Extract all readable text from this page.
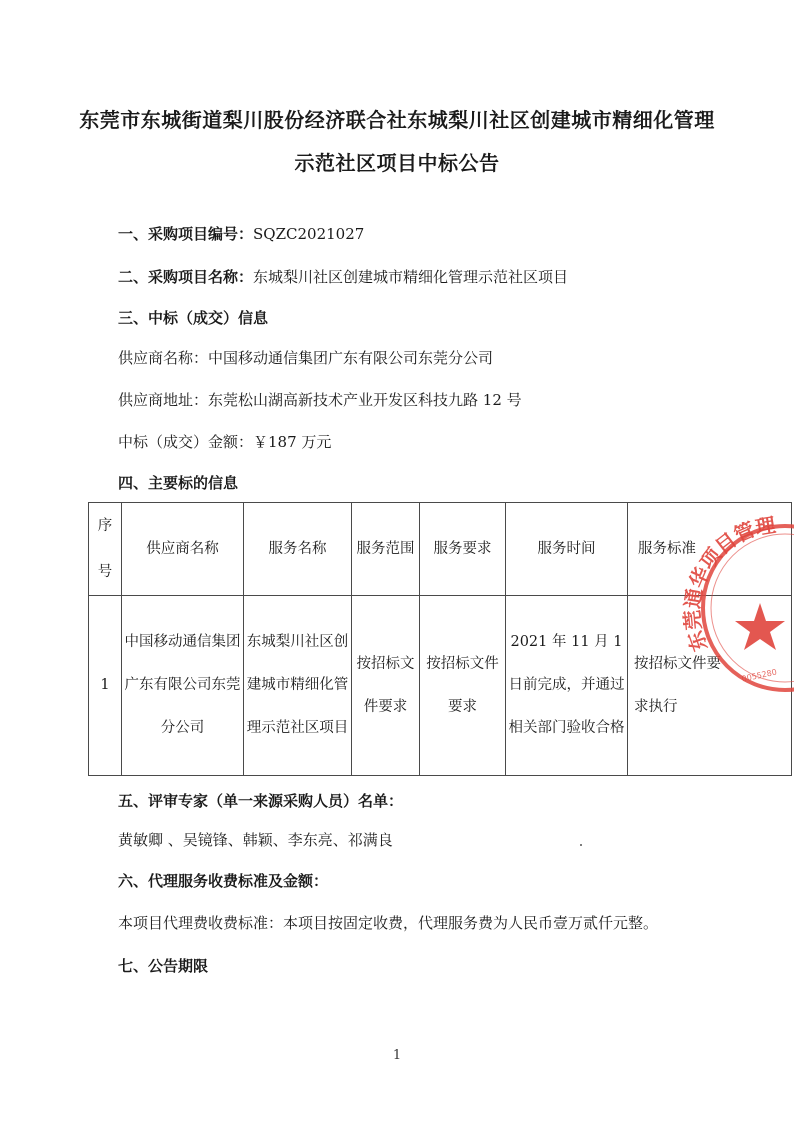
东莞市东城街道梨川股份经济联合社东城梨川社区创建城市精细化管理
示范社区项目中标公告
一、采购项目编号：SQZC2021027
二、采购项目名称：东城梨川社区创建城市精细化管理示范社区项目
三、中标（成交）信息
供应商名称：中国移动通信集团广东有限公司东莞分公司
供应商地址：东莞松山湖高新技术产业开发区科技九路 12 号
中标（成交）金额：￥187 万元
四、主要标的信息
序号	供应商名称	服务名称	服务范围	服务要求	服务时间	服务标准
1	中国移动通信集团广东有限公司东莞分公司	东城梨川社区创建城市精细化管理示范社区项目	按招标文件要求	按招标文件要求	2021 年 11 月 1 日前完成，并通过相关部门验收合格	按招标文件要求执行
东莞通华项目管理
0055280
五、评审专家（单一来源采购人员）名单：
黄敏卿 、吴镜锋、韩颖、李东亮、祁满良
六、代理服务收费标准及金额：
本项目代理费收费标准：本项目按固定收费，代理服务费为人民币壹万贰仟元整。
七、公告期限
1
